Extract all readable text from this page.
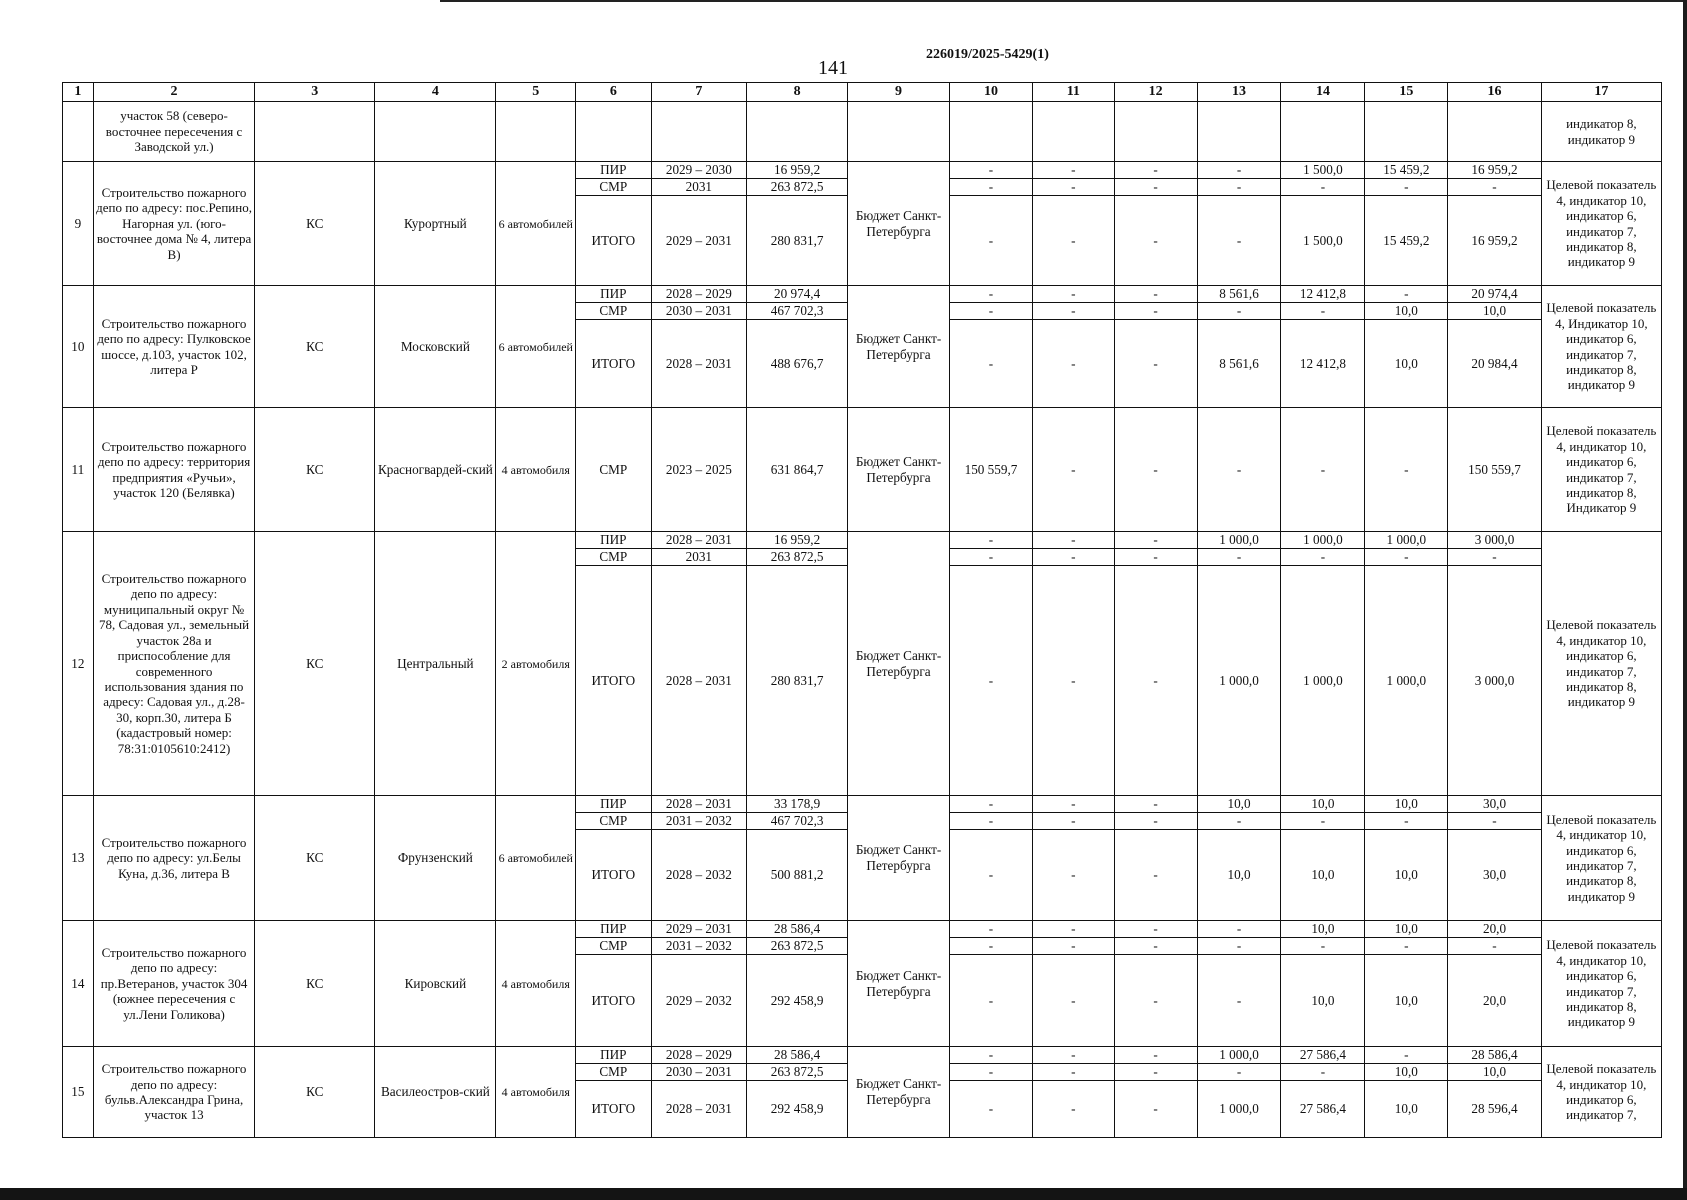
226019/2025-5429(1)
141
1	2	3	4	5	6	7	8	9	10	11	12	13	14	15	16	17
	участок 58 (северо-восточнее пересечения с Заводской ул.)															индикатор 8, индикатор 9
9	Строительство пожарного депо по адресу: пос.Репино, Нагорная ул. (юго-восточнее дома № 4, литера В)	КС	Курортный	6 автомобилей	ПИР	2029 – 2030	16 959,2	Бюджет Санкт-Петербурга	-	-	-	-	1 500,0	15 459,2	16 959,2	Целевой показатель 4, индикатор 10, индикатор 6, индикатор 7, индикатор 8, индикатор 9
					СМР	2031	263 872,5		-	-	-	-	-	-	-	
					ИТОГО	2029 – 2031	280 831,7		-	-	-	-	1 500,0	15 459,2	16 959,2	
10	Строительство пожарного депо по адресу: Пулковское шоссе, д.103, участок 102, литера Р	КС	Московский	6 автомобилей	ПИР	2028 – 2029	20 974,4	Бюджет Санкт-Петербурга	-	-	-	8 561,6	12 412,8	-	20 974,4	Целевой показатель 4, Индикатор 10, индикатор 6, индикатор 7, индикатор 8, индикатор 9
					СМР	2030 – 2031	467 702,3		-	-	-	-	-	10,0	10,0	
					ИТОГО	2028 – 2031	488 676,7		-	-	-	8 561,6	12 412,8	10,0	20 984,4	
11	Строительство пожарного депо по адресу: территория предприятия «Ручьи», участок 120 (Белявка)	КС	Красногвардей-ский	4 автомобиля	СМР	2023 – 2025	631 864,7	Бюджет Санкт-Петербурга	150 559,7	-	-	-	-	-	150 559,7	Целевой показатель 4, индикатор 10, индикатор 6, индикатор 7, индикатор 8, Индикатор 9
12	Строительство пожарного депо по адресу: муниципальный округ № 78, Садовая ул., земельный участок 28а и приспособление для современного использования здания по адресу: Садовая ул., д.28-30, корп.30, литера Б (кадастровый номер: 78:31:0105610:2412)	КС	Центральный	2 автомобиля	ПИР	2028 – 2031	16 959,2	Бюджет Санкт-Петербурга	-	-	-	1 000,0	1 000,0	1 000,0	3 000,0	Целевой показатель 4, индикатор 10, индикатор 6, индикатор 7, индикатор 8, индикатор 9
					СМР	2031	263 872,5		-	-	-	-	-	-	-	
					ИТОГО	2028 – 2031	280 831,7		-	-	-	1 000,0	1 000,0	1 000,0	3 000,0	
13	Строительство пожарного депо по адресу: ул.Белы Куна, д.36, литера В	КС	Фрунзенский	6 автомобилей	ПИР	2028 – 2031	33 178,9	Бюджет Санкт-Петербурга	-	-	-	10,0	10,0	10,0	30,0	Целевой показатель 4, индикатор 10, индикатор 6, индикатор 7, индикатор 8, индикатор 9
					СМР	2031 – 2032	467 702,3		-	-	-	-	-	-	-	
					ИТОГО	2028 – 2032	500 881,2		-	-	-	10,0	10,0	10,0	30,0	
14	Строительство пожарного депо по адресу: пр.Ветеранов, участок 304 (южнее пересечения с ул.Лени Голикова)	КС	Кировский	4 автомобиля	ПИР	2029 – 2031	28 586,4	Бюджет Санкт-Петербурга	-	-	-	-	10,0	10,0	20,0	Целевой показатель 4, индикатор 10, индикатор 6, индикатор 7, индикатор 8, индикатор 9
					СМР	2031 – 2032	263 872,5		-	-	-	-	-	-	-	
					ИТОГО	2029 – 2032	292 458,9		-	-	-	-	10,0	10,0	20,0	
15	Строительство пожарного депо по адресу: бульв.Александра Грина, участок 13	КС	Василеостров-ский	4 автомобиля	ПИР	2028 – 2029	28 586,4	Бюджет Санкт-Петербурга	-	-	-	1 000,0	27 586,4	-	28 586,4	Целевой показатель 4, индикатор 10, индикатор 6, индикатор 7,
					СМР	2030 – 2031	263 872,5		-	-	-	-	-	10,0	10,0	
					ИТОГО	2028 – 2031	292 458,9		-	-	-	1 000,0	27 586,4	10,0	28 596,4	
